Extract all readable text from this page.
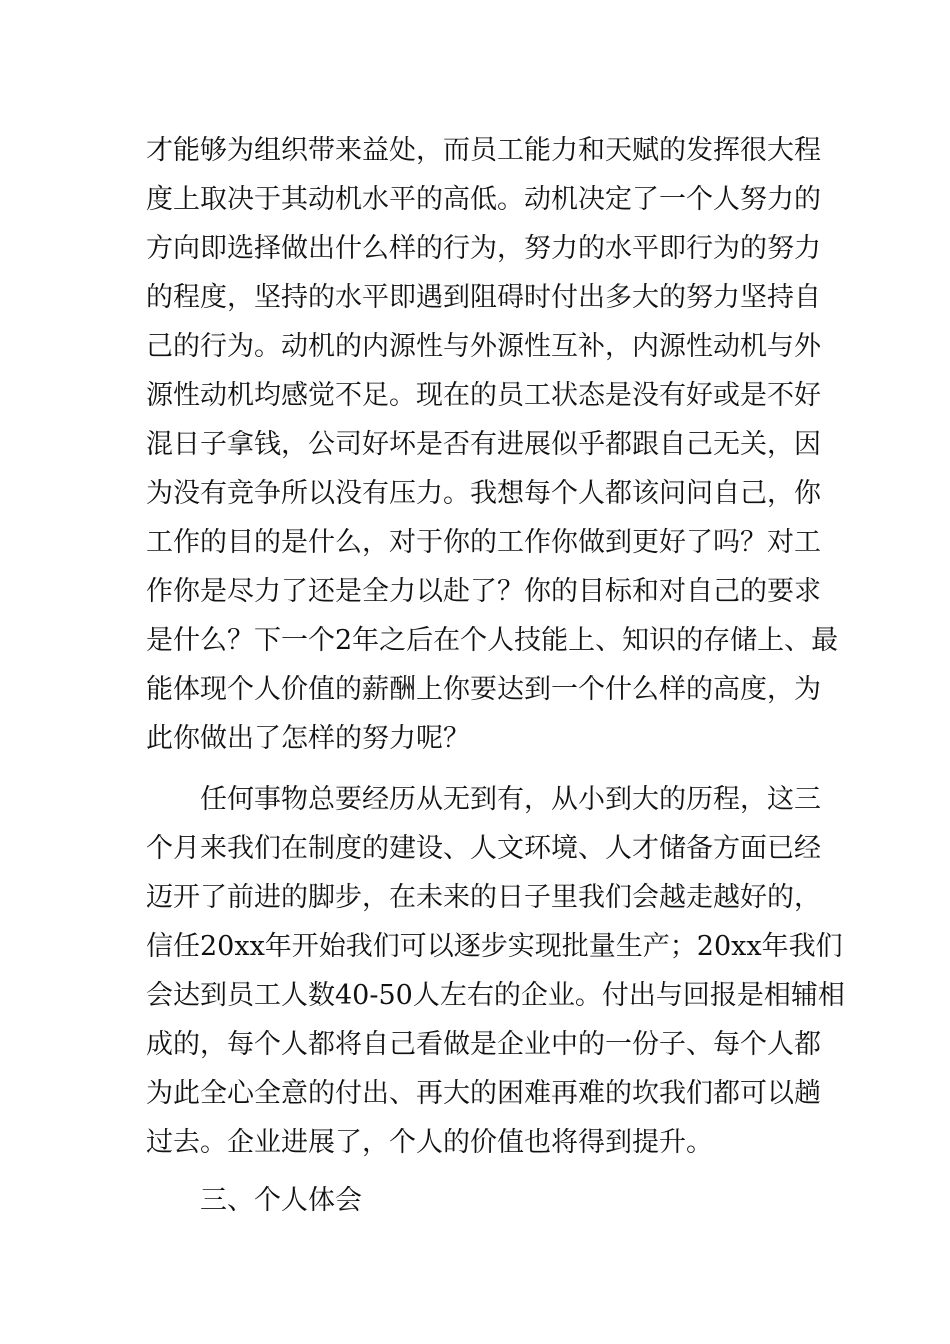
才能够为组织带来益处，而员工能力和天赋的发挥很大程
度上取决于其动机水平的高低。动机决定了一个人努力的
方向即选择做出什么样的行为，努力的水平即行为的努力
的程度，坚持的水平即遇到阻碍时付出多大的努力坚持自
己的行为。动机的内源性与外源性互补，内源性动机与外
源性动机均感觉不足。现在的员工状态是没有好或是不好
混日子拿钱，公司好坏是否有进展似乎都跟自己无关，因
为没有竞争所以没有压力。我想每个人都该问问自己，你
工作的目的是什么，对于你的工作你做到更好了吗？对工
作你是尽力了还是全力以赴了？你的目标和对自己的要求
是什么？下一个2年之后在个人技能上、知识的存储上、最
能体现个人价值的薪酬上你要达到一个什么样的高度，为
此你做出了怎样的努力呢？
任何事物总要经历从无到有，从小到大的历程，这三
个月来我们在制度的建设、人文环境、人才储备方面已经
迈开了前进的脚步，在未来的日子里我们会越走越好的，
信任20xx年开始我们可以逐步实现批量生产；20xx年我们
会达到员工人数40-50人左右的企业。付出与回报是相辅相
成的，每个人都将自己看做是企业中的一份子、每个人都
为此全心全意的付出、再大的困难再难的坎我们都可以趟
过去。企业进展了，个人的价值也将得到提升。
三、个人体会
